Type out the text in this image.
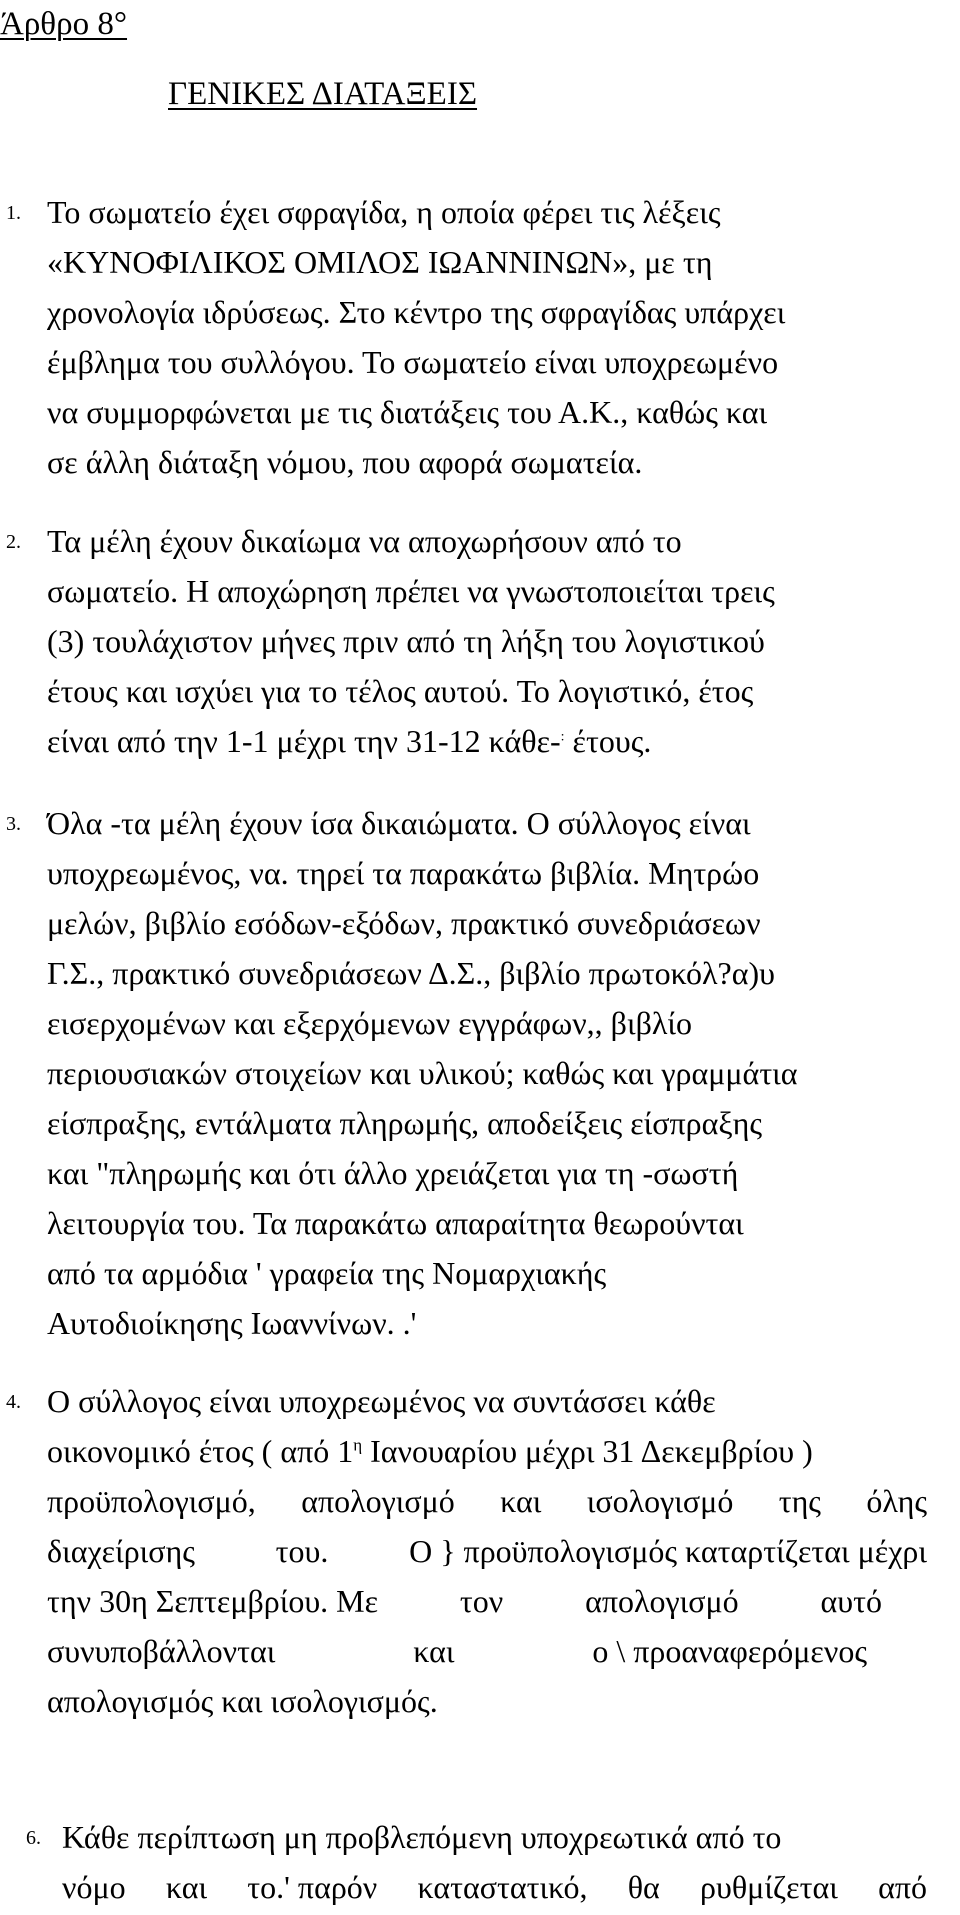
Άρθρο 8°
ΓΕΝΙΚΕΣ ΔΙΑΤΑΞΕΙΣ
1. Το σωματείο έχει σφραγίδα, η οποία φέρει τις λέξεις
«ΚΥΝΟΦΙΛΙΚΟΣ ΟΜΙΛΟΣ ΙΩΑΝΝΙΝΩΝ», με τη
χρονολογία ιδρύσεως. Στο κέντρο της σφραγίδας υπάρχει
έμβλημα του συλλόγου. Το σωματείο είναι υποχρεωμένο
να συμμορφώνεται με τις διατάξεις του Α.Κ., καθώς και
σε άλλη διάταξη νόμου, που αφορά σωματεία.
2. Τα μέλη έχουν δικαίωμα να αποχωρήσουν από το
σωματείο. Η αποχώρηση πρέπει να γνωστοποιείται τρεις
(3) τουλάχιστον μήνες πριν από τη λήξη του λογιστικού
έτους και ισχύει για το τέλος αυτού. Το λογιστικό, έτος
είναι από την 1-1 μέχρι την 31-12 κάθε-: έτους.
3. Όλα -τα μέλη έχουν ίσα δικαιώματα. Ο σύλλογος είναι
υποχρεωμένος, να. τηρεί τα παρακάτω βιβλία. Μητρώο
μελών, βιβλίο εσόδων-εξόδων, πρακτικό συνεδριάσεων
Γ.Σ., πρακτικό συνεδριάσεων Δ.Σ., βιβλίο πρωτοκόλ?α)υ
εισερχομένων και εξερχόμενων εγγράφων,, βιβλίο
περιουσιακών στοιχείων και υλικού; καθώς και γραμμάτια
είσπραξης, εντάλματα πληρωμής, αποδείξεις είσπραξης
και "πληρωμής και ότι άλλο χρειάζεται για τη -σωστή
λειτουργία του. Τα παρακάτω απαραίτητα θεωρούνται
από τα αρμόδια ' γραφεία της Νομαρχιακής
Αυτοδιοίκησης Ιωαννίνων. .'
4. Ο σύλλογος είναι υποχρεωμένος να συντάσσει κάθε
οικονομικό έτος ( από $1^\eta$ Ιανουαρίου μέχρι 31 Δεκεμβρίου )
προϋπολογισμό, απολογισμό και ισολογισμό της όλης
διαχείρισης	του.	Ο } προϋπολογισμός καταρτίζεται μέχρι
την 30η Σεπτεμβρίου. Με	τον	απολογισμό	αυτό
συνυποβάλλονται	και	ο \ προαναφερόμενος
απολογισμός και ισολογισμός.
6. Κάθε περίπτωση μη προβλεπόμενη υποχρεωτικά από το
νόμο και το.' παρόν καταστατικό, θα ρυθμίζεται από
